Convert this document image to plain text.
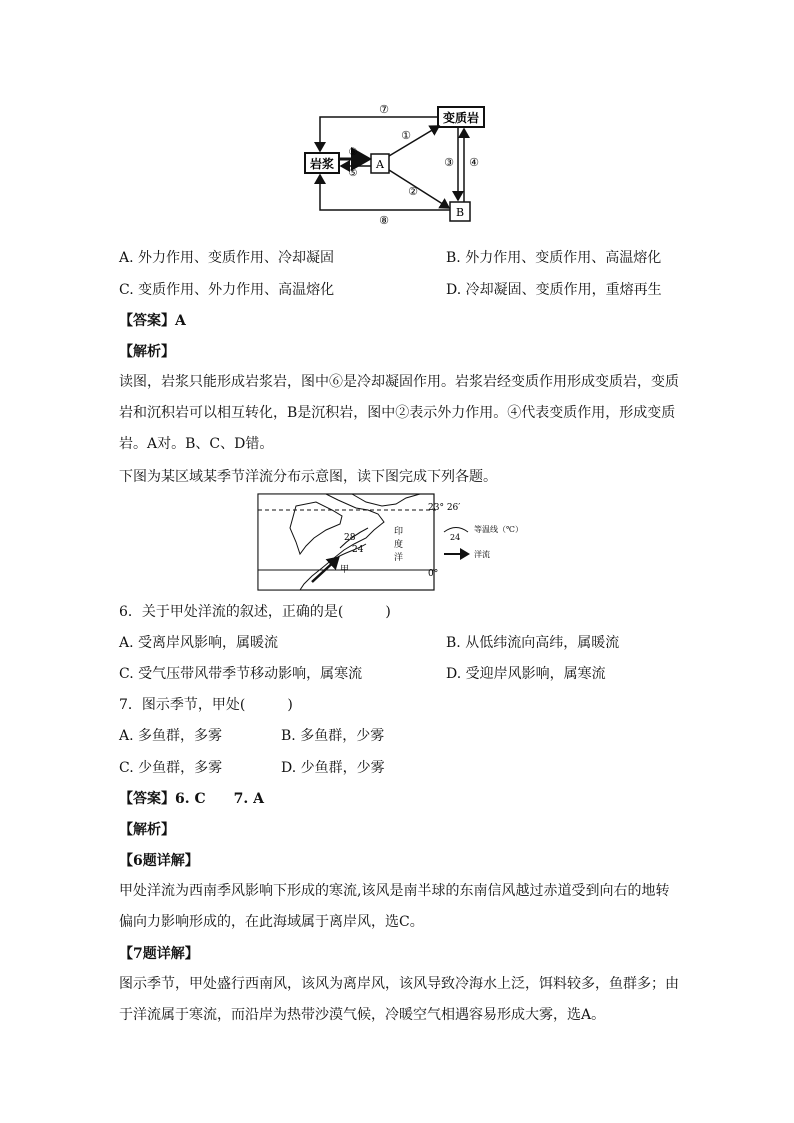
岩浆	A
变质岩
B
⑦
①
②
③ ④
⑥
⑤
⑧
A. 外力作用、变质作用、冷却凝固	B. 外力作用、变质作用、高温熔化
C. 变质作用、外力作用、高温熔化	D. 冷却凝固、变质作用，重熔再生
【答案】A
【解析】
读图，岩浆只能形成岩浆岩，图中⑥是冷却凝固作用。岩浆岩经变质作用形成变质岩，变质岩和沉积岩可以相互转化，B是沉积岩，图中②表示外力作用。④代表变质作用，形成变质岩。A对。B、C、D错。
下图为某区域某季节洋流分布示意图，读下图完成下列各题。
23° 26′
0°
28
24
甲
印
度
洋
24
等温线（℃）
洋流
6．关于甲处洋流的叙述，正确的是(　　　)
A. 受离岸风影响，属暖流	B. 从低纬流向高纬，属暖流
C. 受气压带风带季节移动影响，属寒流	D. 受迎岸风影响，属寒流
7．图示季节，甲处(　　　)
A. 多鱼群，多雾	B. 多鱼群，少雾
C. 少鱼群，多雾	D. 少鱼群，少雾
【答案】6. C　　7. A
【解析】
【6题详解】
甲处洋流为西南季风影响下形成的寒流,该风是南半球的东南信风越过赤道受到向右的地转偏向力影响形成的，在此海域属于离岸风，选C。
【7题详解】
图示季节，甲处盛行西南风，该风为离岸风，该风导致冷海水上泛，饵料较多，鱼群多；由于洋流属于寒流，而沿岸为热带沙漠气候，冷暖空气相遇容易形成大雾，选A。
